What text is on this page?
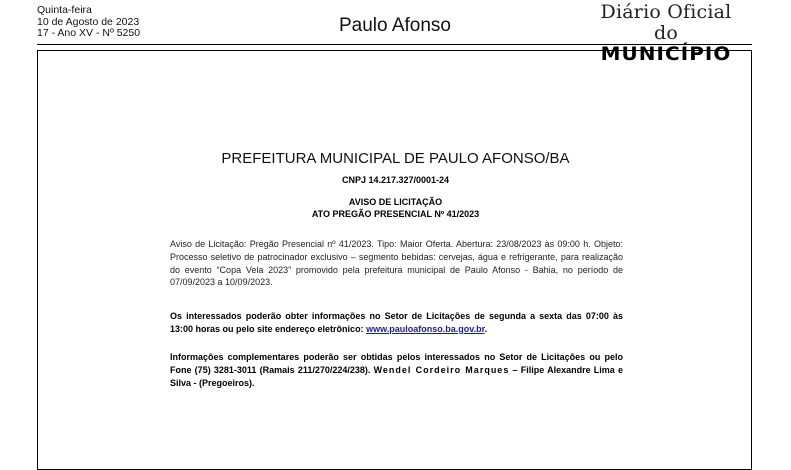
Quinta-feira
10 de Agosto de 2023
17 - Ano XV - Nº 5250	Paulo Afonso
Diário Oficial do
MUNICÍPIO
PREFEITURA MUNICIPAL DE PAULO AFONSO/BA
CNPJ 14.217.327/0001-24
AVISO DE LICITAÇÃO
ATO PREGÃO PRESENCIAL Nº 41/2023
Aviso de Licitação: Pregão Presencial nº 41/2023. Tipo: Maior Oferta. Abertura: 23/08/2023 às 09:00 h. Objeto: Processo seletivo de patrocinador exclusivo – segmento bebidas: cervejas, água e refrigerante, para realização do evento “Copa Vela 2023” promovido pela prefeitura municipal de Paulo Afonso - Bahia, no período de 07/09/2023 a 10/09/2023.
Os interessados poderão obter informações no Setor de Licitações de segunda a sexta das 07:00 às 13:00 horas ou pelo site endereço eletrônico: www.pauloafonso.ba.gov.br.
Informações complementares poderão ser obtidas pelos interessados no Setor de Licitações ou pelo Fone (75) 3281-3011 (Ramais 211/270/224/238). Wendel Cordeiro Marques – Filipe Alexandre Lima e Silva - (Pregoeiros).
